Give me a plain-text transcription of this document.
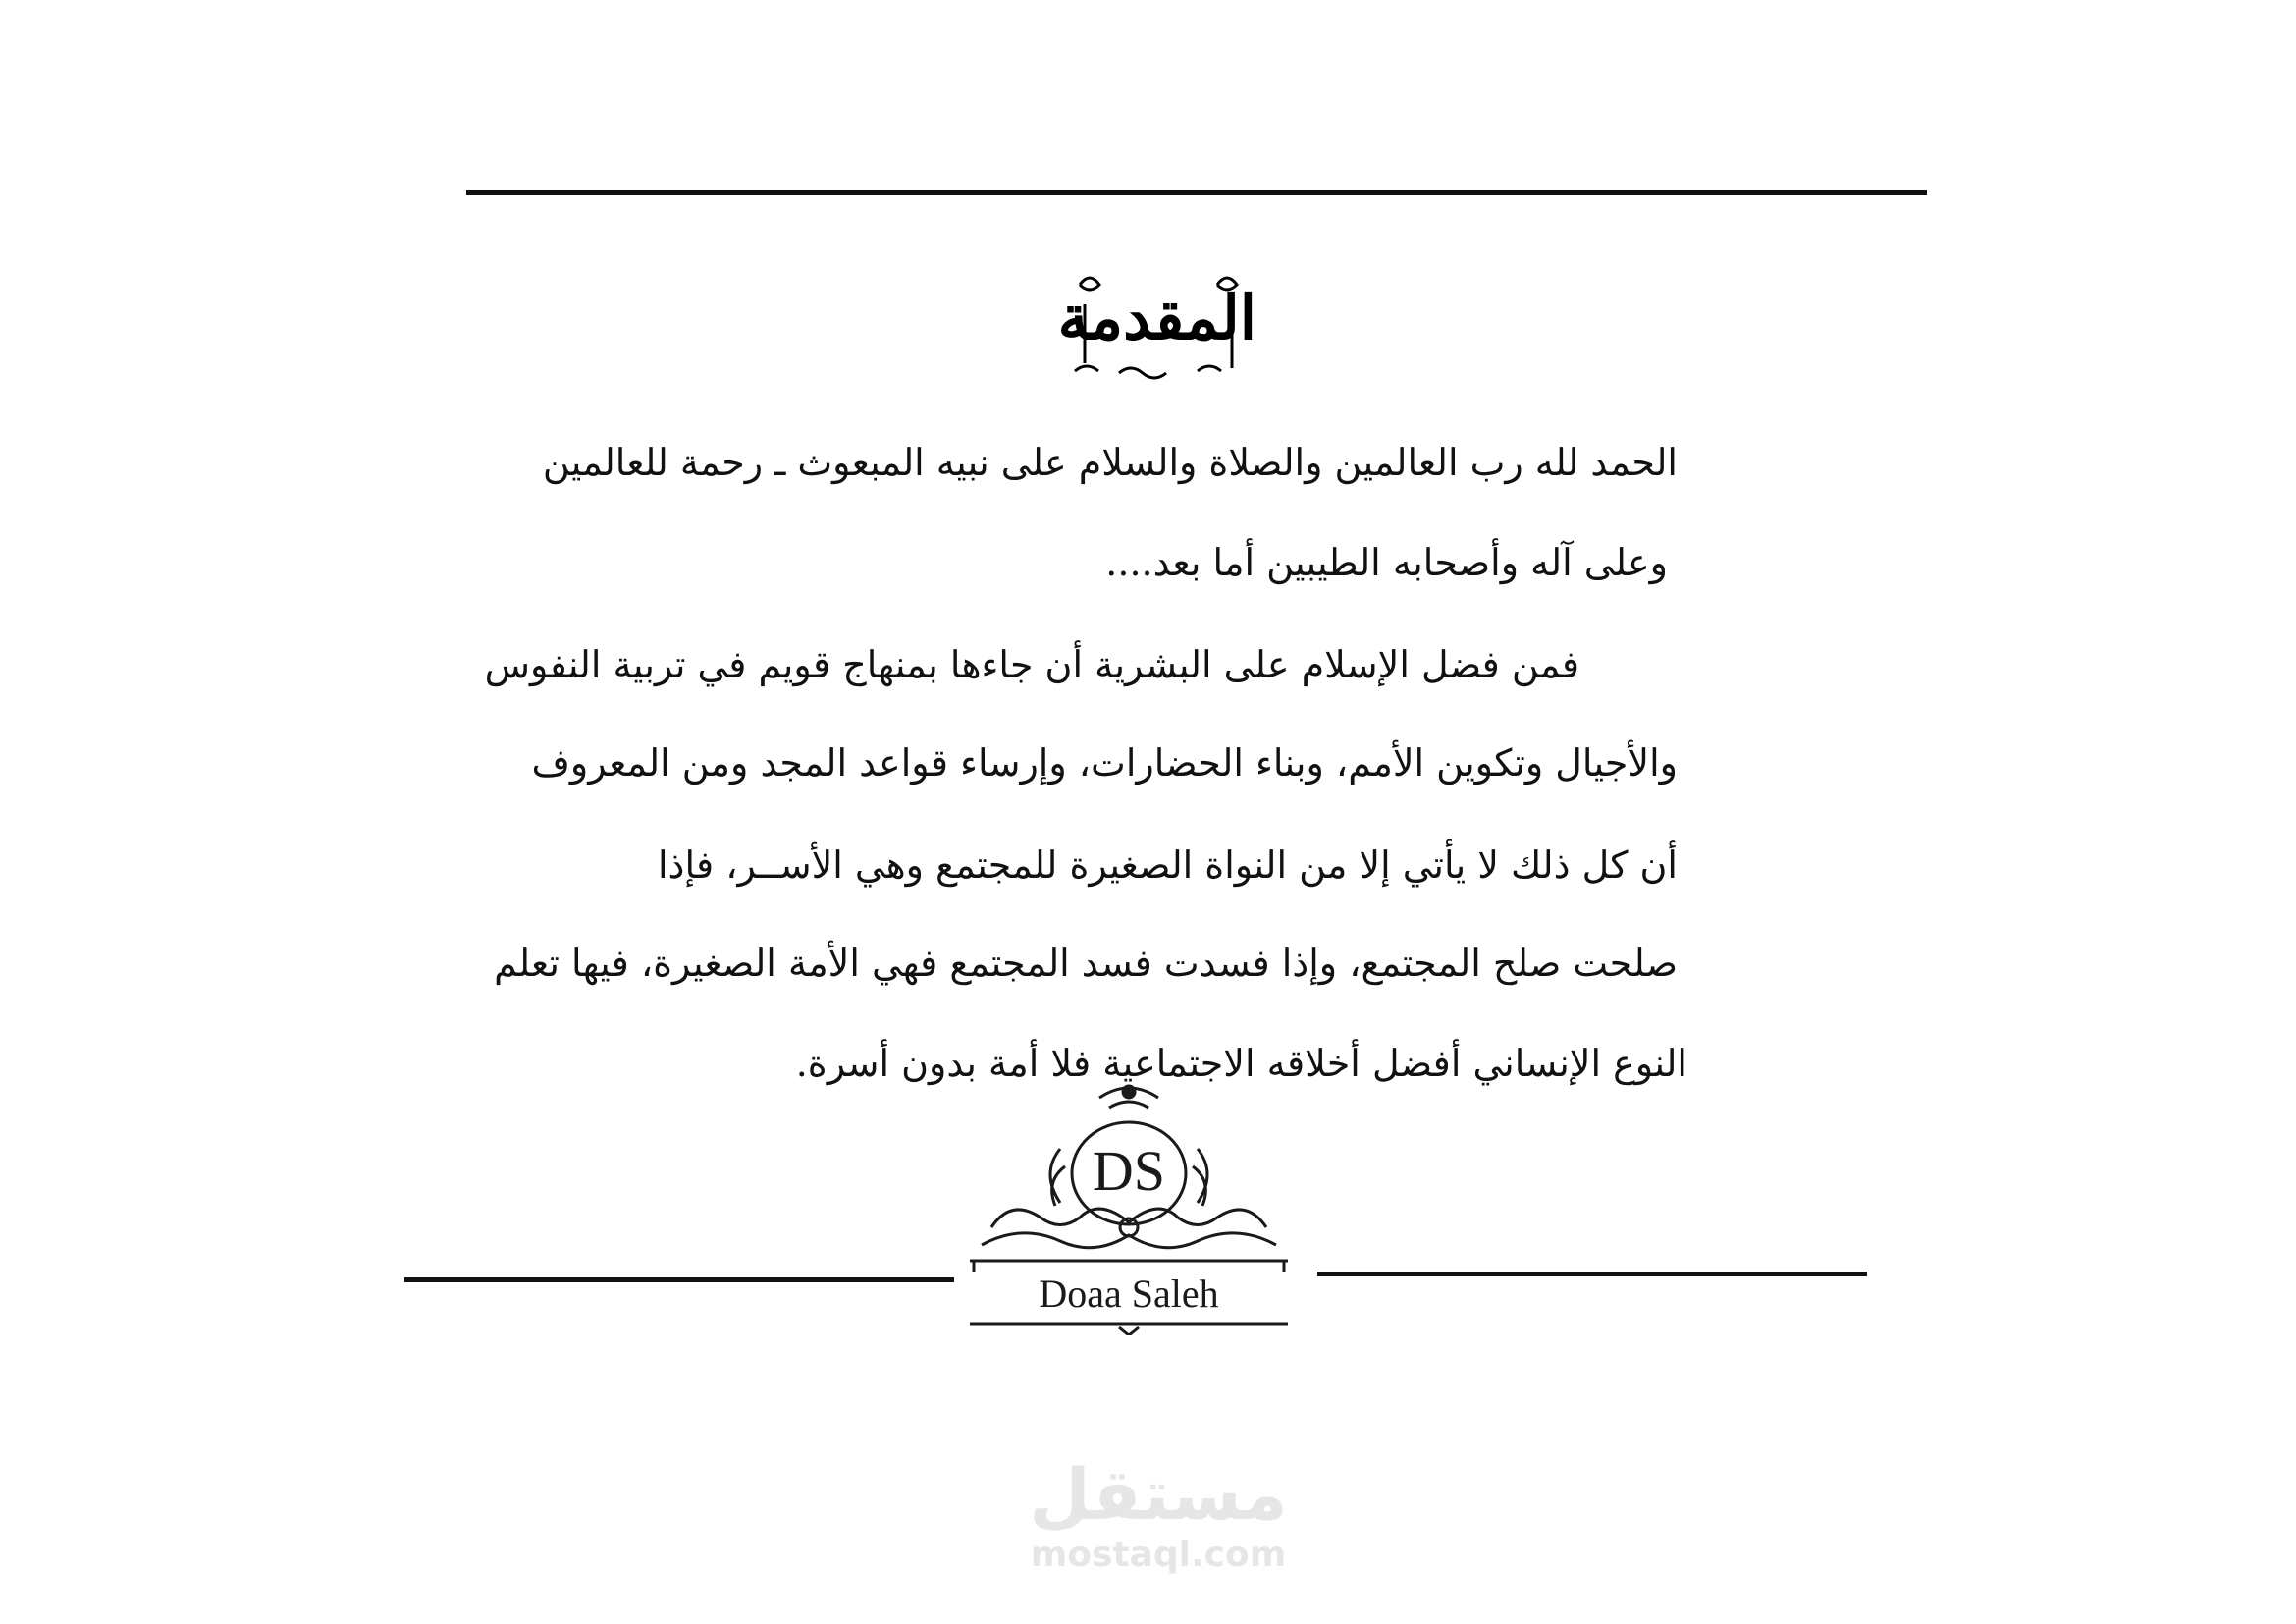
المقدمة
الحمد لله رب العالمين والصلاة والسلام على نبيه المبعوث ـ رحمة للعالمين
وعلى آله وأصحابه الطيبين أما بعد....
فمن فضل الإسلام على البشرية أن جاءها بمنهاج قويم في تربية النفوس
والأجيال وتكوين الأمم، وبناء الحضارات، وإرساء قواعد المجد ومن المعروف
أن كل ذلك لا يأتي إلا من النواة الصغيرة للمجتمع وهي الأســر، فإذا
صلحت صلح المجتمع، وإذا فسدت فسد المجتمع فهي الأمة الصغيرة، فيها تعلم
النوع الإنساني أفضل أخلاقه الاجتماعية فلا أمة بدون أسرة.
DS
Doaa Saleh
مستقل
mostaql.com
